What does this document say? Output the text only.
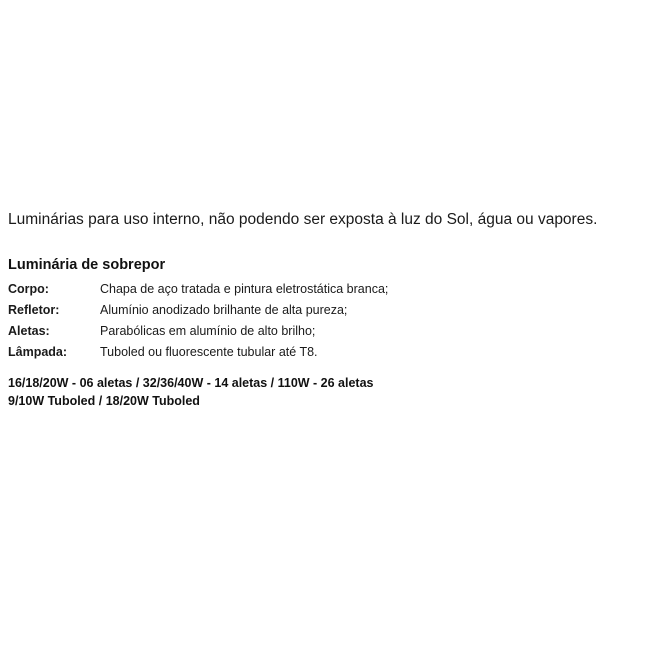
Luminárias para uso interno, não podendo ser exposta à luz do Sol, água ou vapores.

Luminária de sobrepor
Corpo:	Chapa de aço tratada e pintura eletrostática branca;
Refletor:	Alumínio anodizado brilhante de alta pureza;
Aletas:	Parabólicas em alumínio de alto brilho;
Lâmpada:	Tuboled ou fluorescente tubular até T8.
16/18/20W - 06 aletas / 32/36/40W - 14 aletas / 110W - 26 aletas
9/10W Tuboled / 18/20W Tuboled
